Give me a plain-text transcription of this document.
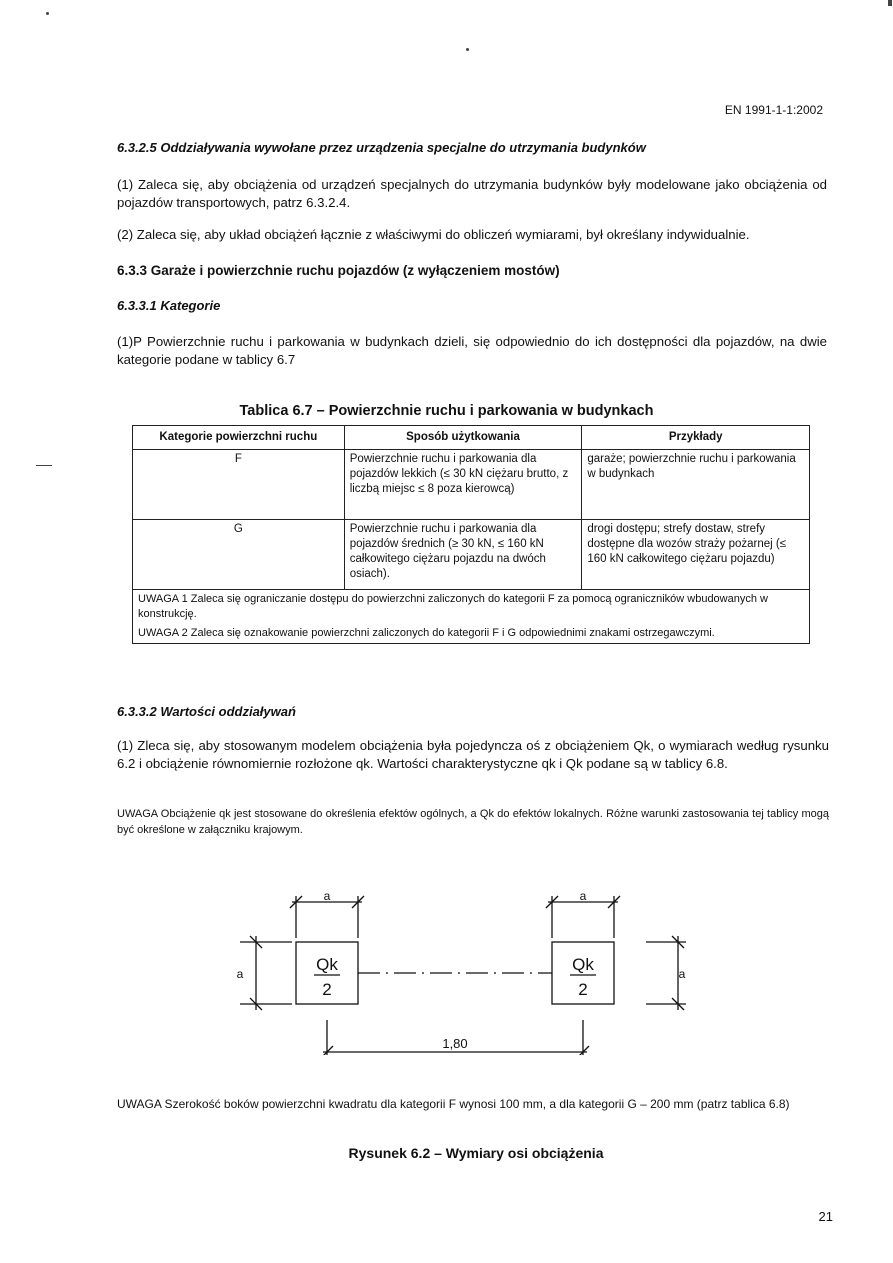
EN 1991-1-1:2002
6.3.2.5 Oddziaływania wywołane przez urządzenia specjalne do utrzymania budynków
(1) Zaleca się, aby obciążenia od urządzeń specjalnych do utrzymania budynków były modelowane jako obciążenia od pojazdów transportowych, patrz 6.3.2.4.
(2) Zaleca się, aby układ obciążeń łącznie z właściwymi do obliczeń wymiarami, był określany indywidualnie.
6.3.3 Garaże i powierzchnie ruchu pojazdów (z wyłączeniem mostów)
6.3.3.1 Kategorie
(1)P Powierzchnie ruchu i parkowania w budynkach dzieli, się odpowiednio do ich dostępności dla pojazdów, na dwie kategorie podane w tablicy 6.7
Tablica 6.7 – Powierzchnie ruchu i parkowania w budynkach
Kategorie powierzchni ruchu	Sposób użytkowania	Przykłady
F	Powierzchnie ruchu i parkowania dla pojazdów lekkich (≤ 30 kN ciężaru brutto, z liczbą miejsc ≤ 8 poza kierowcą)	garaże; powierzchnie ruchu i parkowania w budynkach
G	Powierzchnie ruchu i parkowania dla pojazdów średnich (≥ 30 kN, ≤ 160 kN całkowitego ciężaru pojazdu na dwóch osiach).	drogi dostępu; strefy dostaw, strefy dostępne dla wozów straży pożarnej (≤ 160 kN całkowitego ciężaru pojazdu)

UWAGA 1 Zaleca się ograniczanie dostępu do powierzchni zaliczonych do kategorii F za pomocą ograniczników wbudowanych w konstrukcję.
UWAGA 2 Zaleca się oznakowanie powierzchni zaliczonych do kategorii F i G odpowiednimi znakami ostrzegawczymi.		
6.3.3.2 Wartości oddziaływań
(1) Zleca się, aby stosowanym modelem obciążenia była pojedyncza oś z obciążeniem Qk, o wymiarach według rysunku 6.2 i obciążenie równomiernie rozłożone qk. Wartości charakterystyczne qk i Qk podane są w tablicy 6.8.
UWAGA Obciążenie qk jest stosowane do określenia efektów ogólnych, a Qk do efektów lokalnych. Różne warunki zastosowania tej tablicy mogą być określone w załączniku krajowym.
a	a
a	a
Qk
2
Qk
2
1,80
UWAGA Szerokość boków powierzchni kwadratu dla kategorii F wynosi 100 mm, a dla kategorii G – 200 mm (patrz tablica 6.8)
Rysunek 6.2 – Wymiary osi obciążenia
21
